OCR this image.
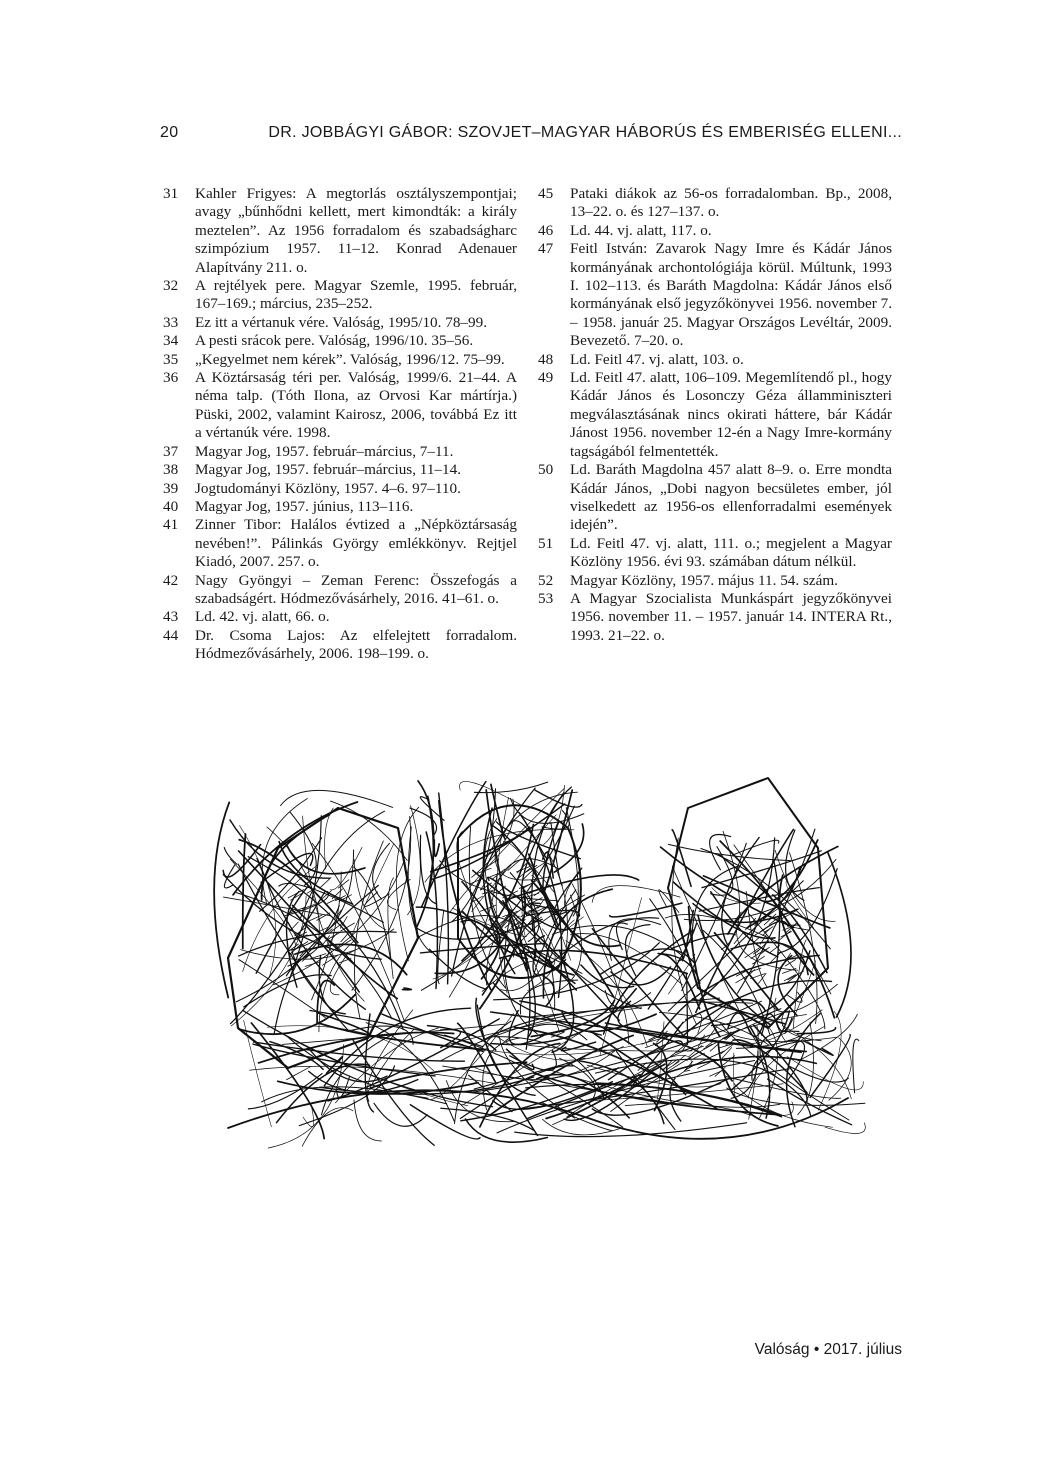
20	DR. JOBBÁGYI GÁBOR: SZOVJET–MAGYAR HÁBORÚS ÉS EMBERISÉG ELLENI...
31 Kahler Frigyes: A megtorlás osztályszempontjai; avagy „bűnhődni kellett, mert kimondták: a király meztelen”. Az 1956 forradalom és szabadságharc szimpózium 1957. 11–12. Konrad Adenauer Alapítvány 211. o.
32 A rejtélyek pere. Magyar Szemle, 1995. február, 167–169.; március, 235–252.
33 Ez itt a vértanuk vére. Valóság, 1995/10. 78–99.
34 A pesti srácok pere. Valóság, 1996/10. 35–56.
35 „Kegyelmet nem kérek”. Valóság, 1996/12. 75–99.
36 A Köztársaság téri per. Valóság, 1999/6. 21–44. A néma talp. (Tóth Ilona, az Orvosi Kar mártírja.) Püski, 2002, valamint Kairosz, 2006, továbbá Ez itt a vértanúk vére. 1998.
37 Magyar Jog, 1957. február–március, 7–11.
38 Magyar Jog, 1957. február–március, 11–14.
39 Jogtudományi Közlöny, 1957. 4–6. 97–110.
40 Magyar Jog, 1957. június, 113–116.
41 Zinner Tibor: Halálos évtized a „Népköztársaság nevében!”. Pálinkás György emlékkönyv. Rejtjel Kiadó, 2007. 257. o.
42 Nagy Gyöngyi – Zeman Ferenc: Összefogás a szabadságért. Hódmezővásárhely, 2016. 41–61. o.
43 Ld. 42. vj. alatt, 66. o.
44 Dr. Csoma Lajos: Az elfelejtett forradalom. Hódmezővásárhely, 2006. 198–199. o.
45 Pataki diákok az 56-os forradalomban. Bp., 2008, 13–22. o. és 127–137. o.
46 Ld. 44. vj. alatt, 117. o.
47 Feitl István: Zavarok Nagy Imre és Kádár János kormányának archontológiája körül. Múltunk, 1993 I. 102–113. és Baráth Magdolna: Kádár János első kormányának első jegyzőkönyvei 1956. november 7. – 1958. január 25. Magyar Országos Levéltár, 2009. Bevezető. 7–20. o.
48 Ld. Feitl 47. vj. alatt, 103. o.
49 Ld. Feitl 47. alatt, 106–109. Megemlítendő pl., hogy Kádár János és Losonczy Géza államminiszteri megválasztásának nincs okirati háttere, bár Kádár Jánost 1956. november 12-én a Nagy Imre-kormány tagságából felmentették.
50 Ld. Baráth Magdolna 457 alatt 8–9. o. Erre mondta Kádár János, „Dobi nagyon becsületes ember, jól viselkedett az 1956-os ellenforradalmi események idején”.
51 Ld. Feitl 47. vj. alatt, 111. o.; megjelent a Magyar Közlöny 1956. évi 93. számában dátum nélkül.
52 Magyar Közlöny, 1957. május 11. 54. szám.
53 A Magyar Szocialista Munkáspárt jegyzőkönyvei 1956. november 11. – 1957. január 14. INTERA Rt., 1993. 21–22. o.
Valóság • 2017. július
